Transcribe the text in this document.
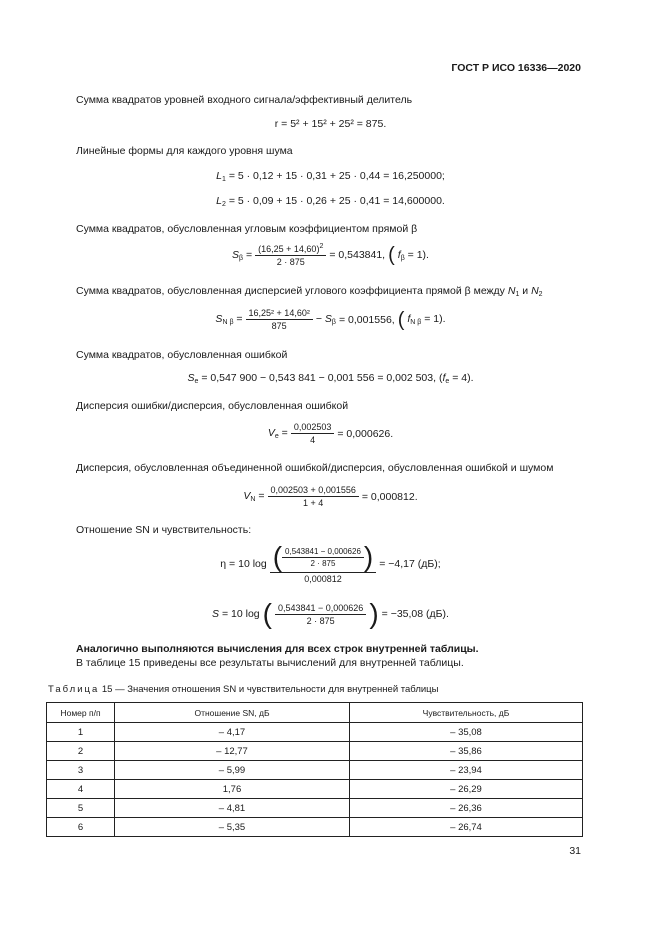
ГОСТ Р ИСО 16336—2020
Сумма квадратов уровней входного сигнала/эффективный делитель
r = 5² + 15² + 25² = 875.
Линейные формы для каждого уровня шума
$L_1 = 5 \cdot 0,12 + 15 \cdot 0,31 + 25 \cdot 0,44 = 16,250000$;
$L_2 = 5 \cdot 0,09 + 15 \cdot 0,26 + 25 \cdot 0,41 = 14,600000$.
Сумма квадратов, обусловленная угловым коэффициентом прямой β
$S_\beta = \frac{(16,25 + 14,60)^2}{2 \cdot 875} = 0,543841$, ( $f_\beta = 1$).
Сумма квадратов, обусловленная дисперсией углового коэффициента прямой β между $N_1$ и $N_2$
$S_{N \beta} = \frac{\text{16,25² + 14,60²}}{875} - S_\beta = 0,001556$, ( $f_{N \beta} = 1$).
Сумма квадратов, обусловленная ошибкой
$S_e = 0,547$ 900 − 0,543 841 − 0,001 556 = 0,002 503, $(f_e = 4)$.
Дисперсия ошибки/дисперсия, обусловленная ошибкой
$V_e = \frac{0,002503}{4} = 0,000626$.
Дисперсия, обусловленная объединенной ошибкой/дисперсия, обусловленная ошибкой и шумом
$V_N = \frac{0,002503 + 0,001556}{1 + 4} = 0,000812$.
Отношение SN и чувствительность:
η = 10 log ( $\frac{0,543841 - 0,000626}{2 \cdot 875}$ )
0,000812
= −4,17 (дБ);
S = 10 log ( $\frac{0,543841 - 0,000626}{2 \cdot 875}$ ) = −35,08 (дБ).
Аналогично выполняются вычисления для всех строк внутренней таблицы.
В таблице 15 приведены все результаты вычислений для внутренней таблицы.
Таблица 15 — Значения отношения SN и чувствительности для внутренней таблицы
Номер п/п	Отношение SN, дБ	Чувствительность, дБ
1	– 4,17	– 35,08
2	– 12,77	– 35,86
3	– 5,99	– 23,94
4	1,76	– 26,29
5	– 4,81	– 26,36
6	– 5,35	– 26,74
31
